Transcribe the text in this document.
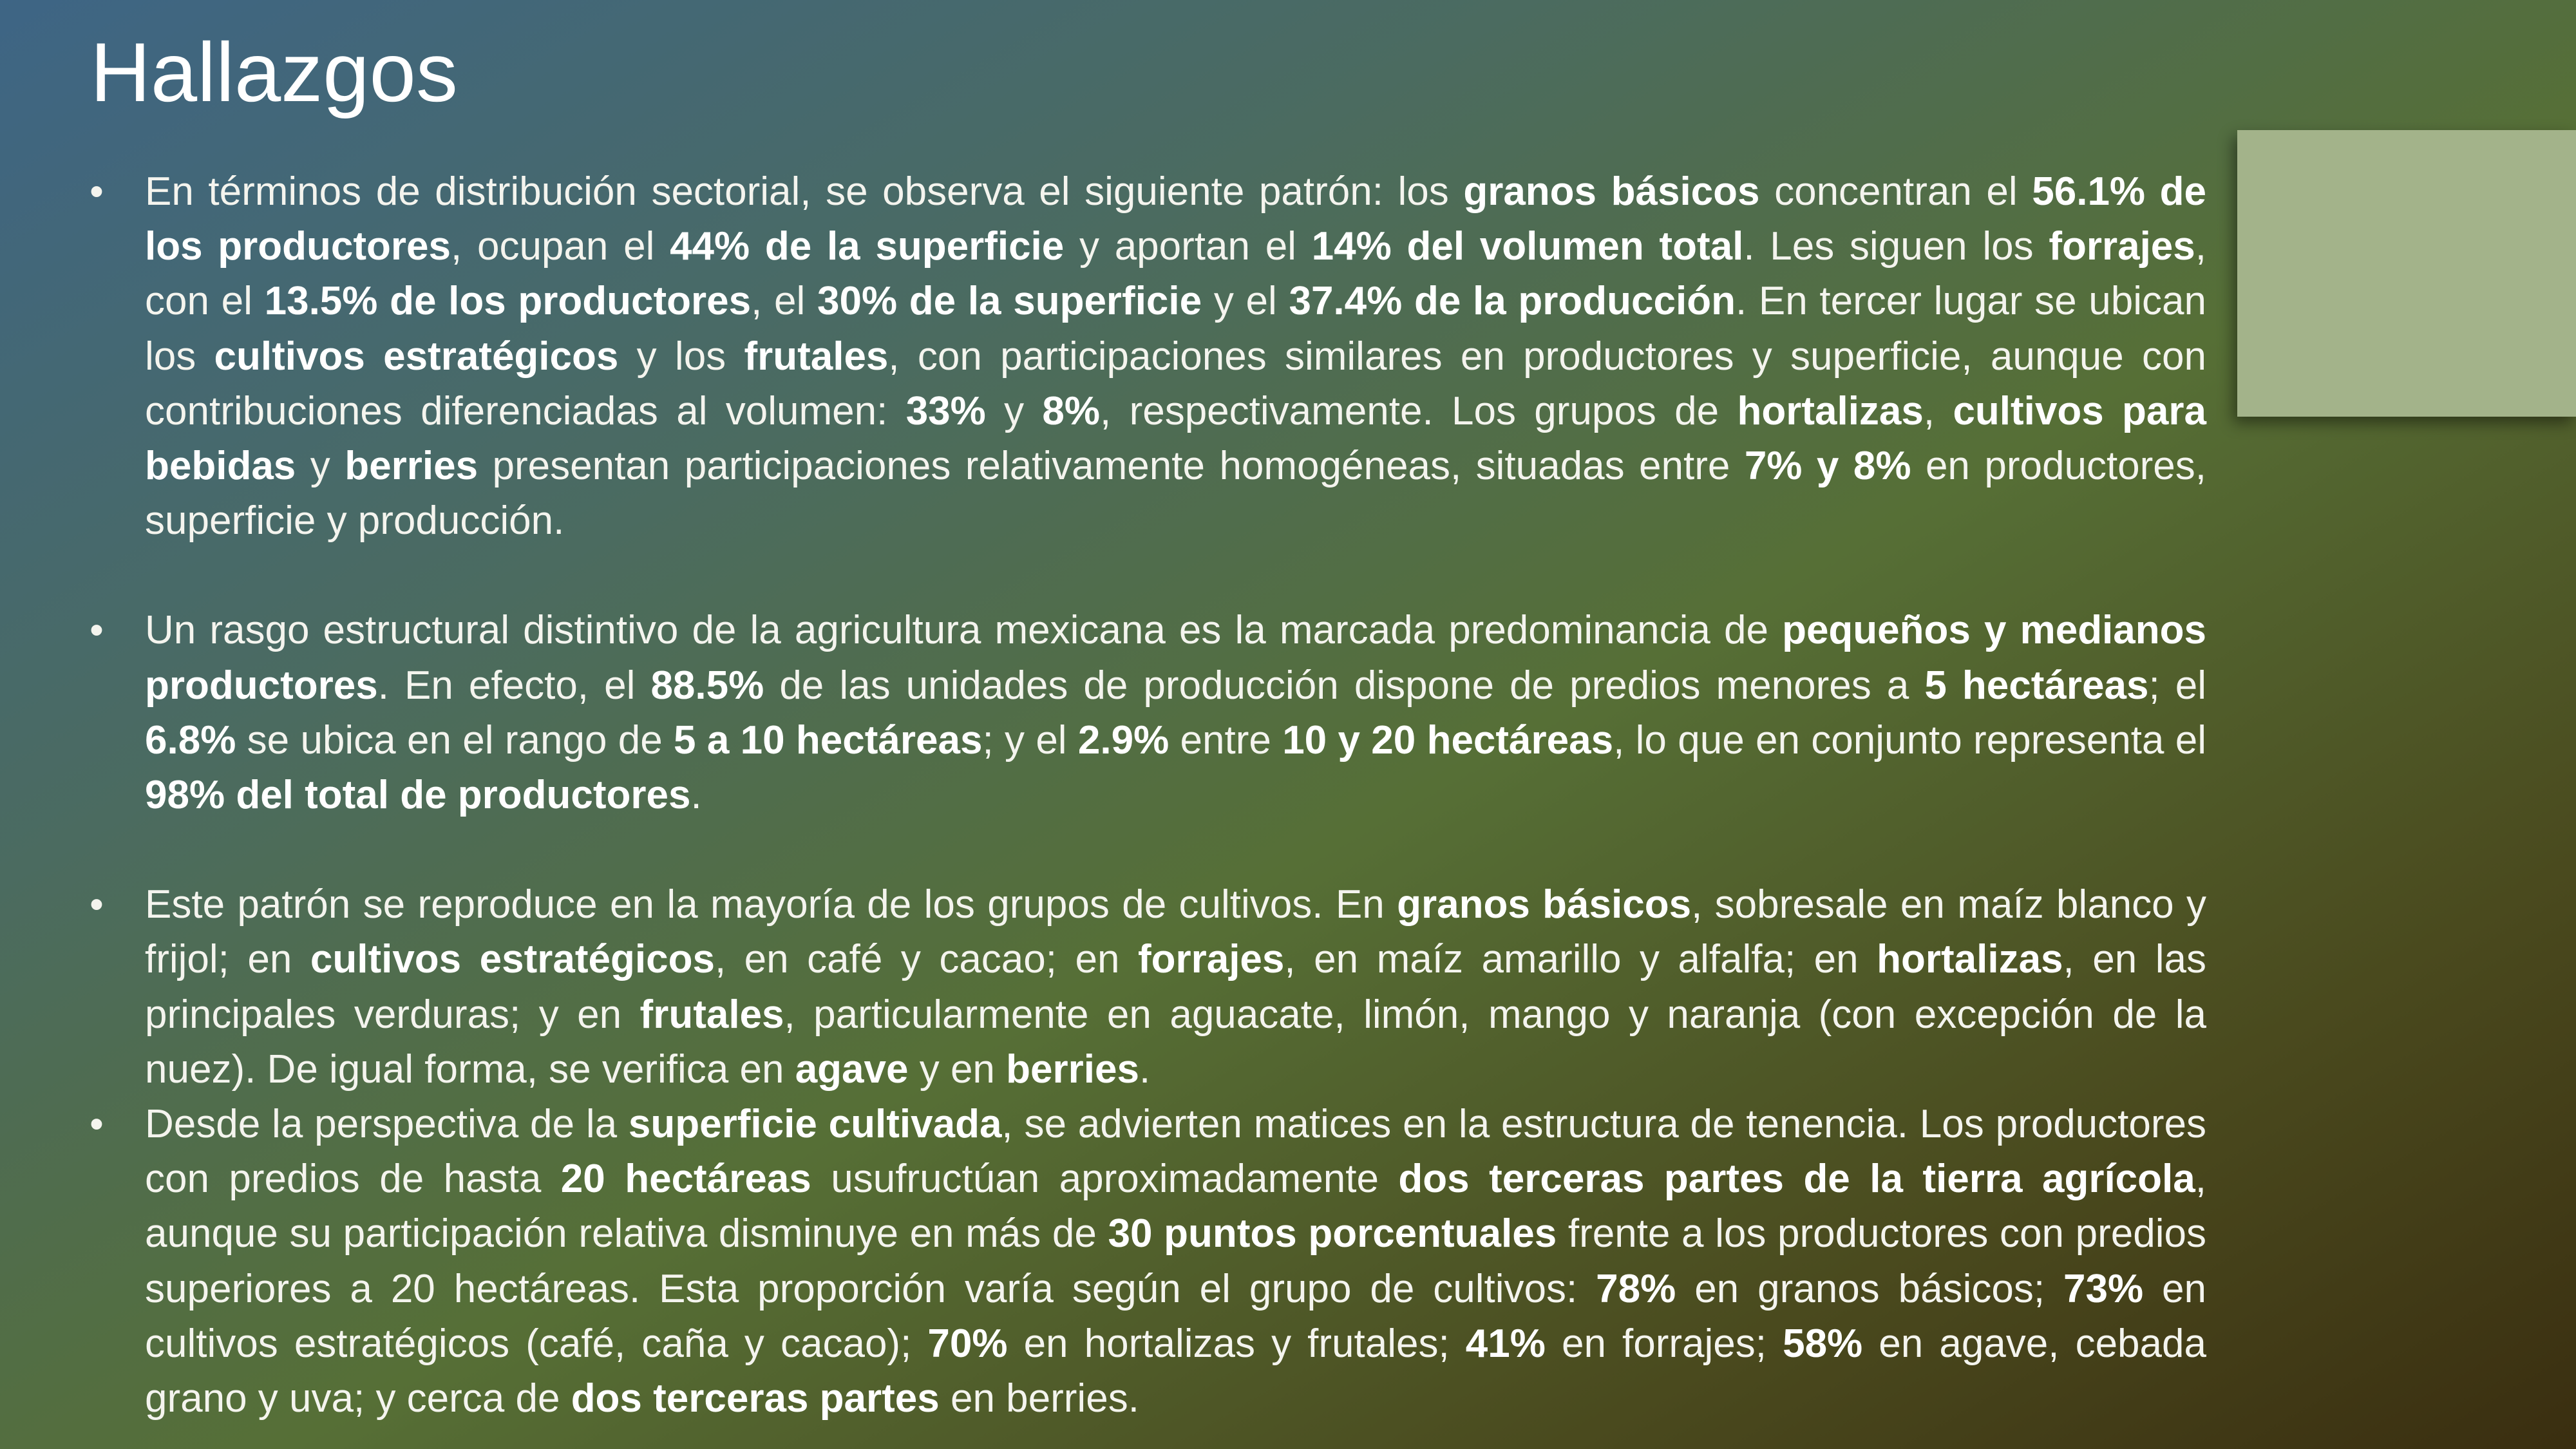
Hallazgos
• En términos de distribución sectorial, se observa el siguiente patrón: los granos básicos concentran el 56.1% de los productores, ocupan el 44% de la superficie y aportan el 14% del volumen total. Les siguen los forrajes, con el 13.5% de los productores, el 30% de la superficie y el 37.4% de la producción. En tercer lugar se ubican los cultivos estratégicos y los frutales, con participaciones similares en productores y superficie, aunque con contribuciones diferenciadas al volumen: 33% y 8%, respectivamente. Los grupos de hortalizas, cultivos para bebidas y berries presentan participaciones relativamente homogéneas, situadas entre 7% y 8% en productores, superficie y producción.
• Un rasgo estructural distintivo de la agricultura mexicana es la marcada predominancia de pequeños y medianos productores. En efecto, el 88.5% de las unidades de producción dispone de predios menores a 5 hectáreas; el 6.8% se ubica en el rango de 5 a 10 hectáreas; y el 2.9% entre 10 y 20 hectáreas, lo que en conjunto representa el 98% del total de productores.
• Este patrón se reproduce en la mayoría de los grupos de cultivos. En granos básicos, sobresale en maíz blanco y frijol; en cultivos estratégicos, en café y cacao; en forrajes, en maíz amarillo y alfalfa; en hortalizas, en las principales verduras; y en frutales, particularmente en aguacate, limón, mango y naranja (con excepción de la nuez). De igual forma, se verifica en agave y en berries.
• Desde la perspectiva de la superficie cultivada, se advierten matices en la estructura de tenencia. Los productores con predios de hasta 20 hectáreas usufructúan aproximadamente dos terceras partes de la tierra agrícola, aunque su participación relativa disminuye en más de 30 puntos porcentuales frente a los productores con predios superiores a 20 hectáreas. Esta proporción varía según el grupo de cultivos: 78% en granos básicos; 73% en cultivos estratégicos (café, caña y cacao); 70% en hortalizas y frutales; 41% en forrajes; 58% en agave, cebada grano y uva; y cerca de dos terceras partes en berries.
